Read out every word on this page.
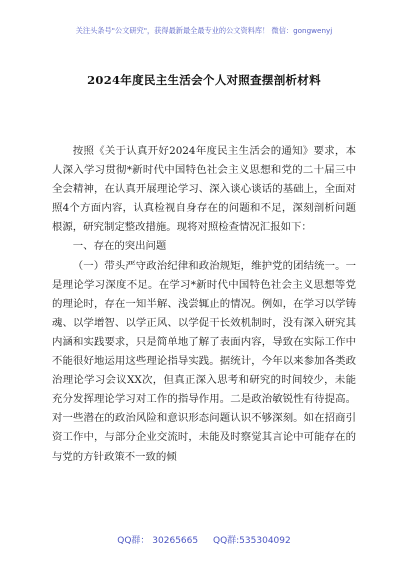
关注头条号"公文研究"，获得最新最全最专业的公文资料库！ 微信：gongwenyj
2024年度民主生活会个人对照查摆剖析材料

按照《关于认真开好2024年度民主生活会的通知》要求，本人深入学习贯彻*新时代中国特色社会主义思想和党的二十届三中全会精神，在认真开展理论学习、深入谈心谈话的基础上，全面对照4个方面内容，认真检视自身存在的问题和不足，深刻剖析问题根源，研究制定整改措施。现将对照检查情况汇报如下：

一、存在的突出问题

（一）带头严守政治纪律和政治规矩，维护党的团结统一。一是理论学习深度不足。在学习*新时代中国特色社会主义思想等党的理论时，存在一知半解、浅尝辄止的情况。例如，在学习以学铸魂、以学增智、以学正风、以学促干长效机制时，没有深入研究其内涵和实践要求，只是简单地了解了表面内容，导致在实际工作中不能很好地运用这些理论指导实践。据统计，今年以来参加各类政治理论学习会议XX次，但真正深入思考和研究的时间较少，未能充分发挥理论学习对工作的指导作用。二是政治敏锐性有待提高。对一些潜在的政治风险和意识形态问题认识不够深刻。如在招商引资工作中，与部分企业交流时，未能及时察觉其言论中可能存在的与党的方针政策不一致的倾

QQ群： 30265665 QQ群:535304092
